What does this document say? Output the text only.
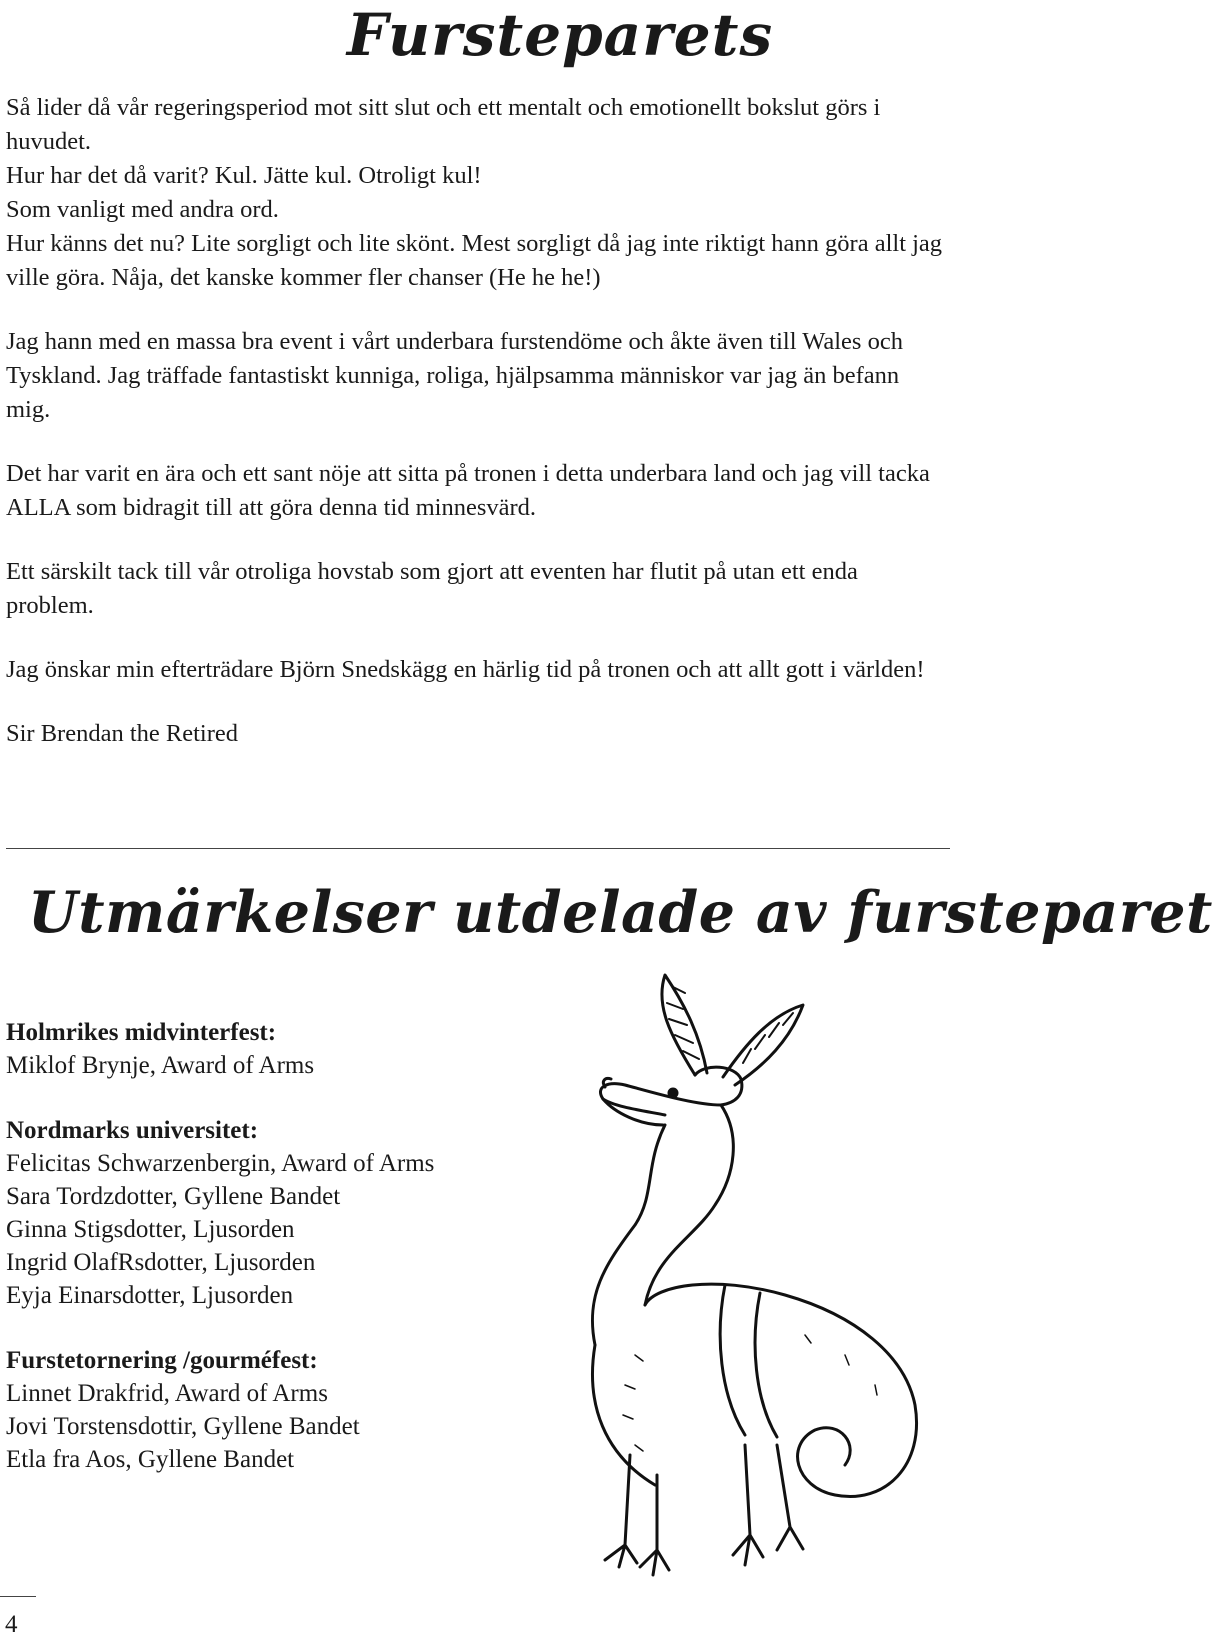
Fursteparets

Så lider då vår regeringsperiod mot sitt slut och ett mentalt och emotionellt bokslut görs i huvudet.
Hur har det då varit? Kul. Jätte kul. Otroligt kul!
Som vanligt med andra ord.
Hur känns det nu? Lite sorgligt och lite skönt. Mest sorgligt då jag inte riktigt hann göra allt jag ville göra. Nåja, det kanske kommer fler chanser (He he he!)

Jag hann med en massa bra event i vårt underbara furstendöme och åkte även till Wales och Tyskland. Jag träffade fantastiskt kunniga, roliga, hjälpsamma människor var jag än befann mig.

Det har varit en ära och ett sant nöje att sitta på tronen i detta underbara land och jag vill tacka ALLA som bidragit till att göra denna tid minnesvärd.

Ett särskilt tack till vår otroliga hovstab som gjort att eventen har flutit på utan ett enda problem.

Jag önskar min efterträdare Björn Snedskägg en härlig tid på tronen och att allt gott i världen!

Sir Brendan the Retired

Utmärkelser utdelade av fursteparet
Holmrikes midvinterfest:
Miklof Brynje, Award of Arms
Nordmarks universitet:
Felicitas Schwarzenbergin, Award of Arms
Sara Tordzdotter, Gyllene Bandet
Ginna Stigsdotter, Ljusorden
Ingrid OlafRsdotter, Ljusorden
Eyja Einarsdotter, Ljusorden
Furstetornering /gourméfest:
Linnet Drakfrid, Award of Arms
Jovi Torstensdottir, Gyllene Bandet
Etla fra Aos, Gyllene Bandet
4
